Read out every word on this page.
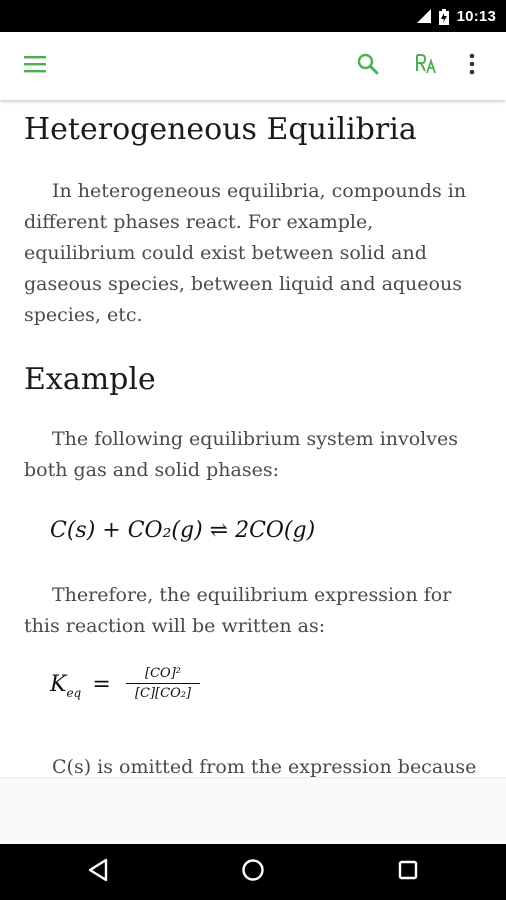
10:13
Heterogeneous Equilibria

In heterogeneous equilibria, compounds in different phases react. For example, equilibrium could exist between solid and gaseous species, between liquid and aqueous species, etc.

Example

The following equilibrium system involves both gas and solid phases:

C(s) + CO₂(g) ⇌ 2CO(g)

Therefore, the equilibrium expression for this reaction will be written as:

$K_{eq}$ =	[CO]²
[C][CO₂]

C(s) is omitted from the expression because
